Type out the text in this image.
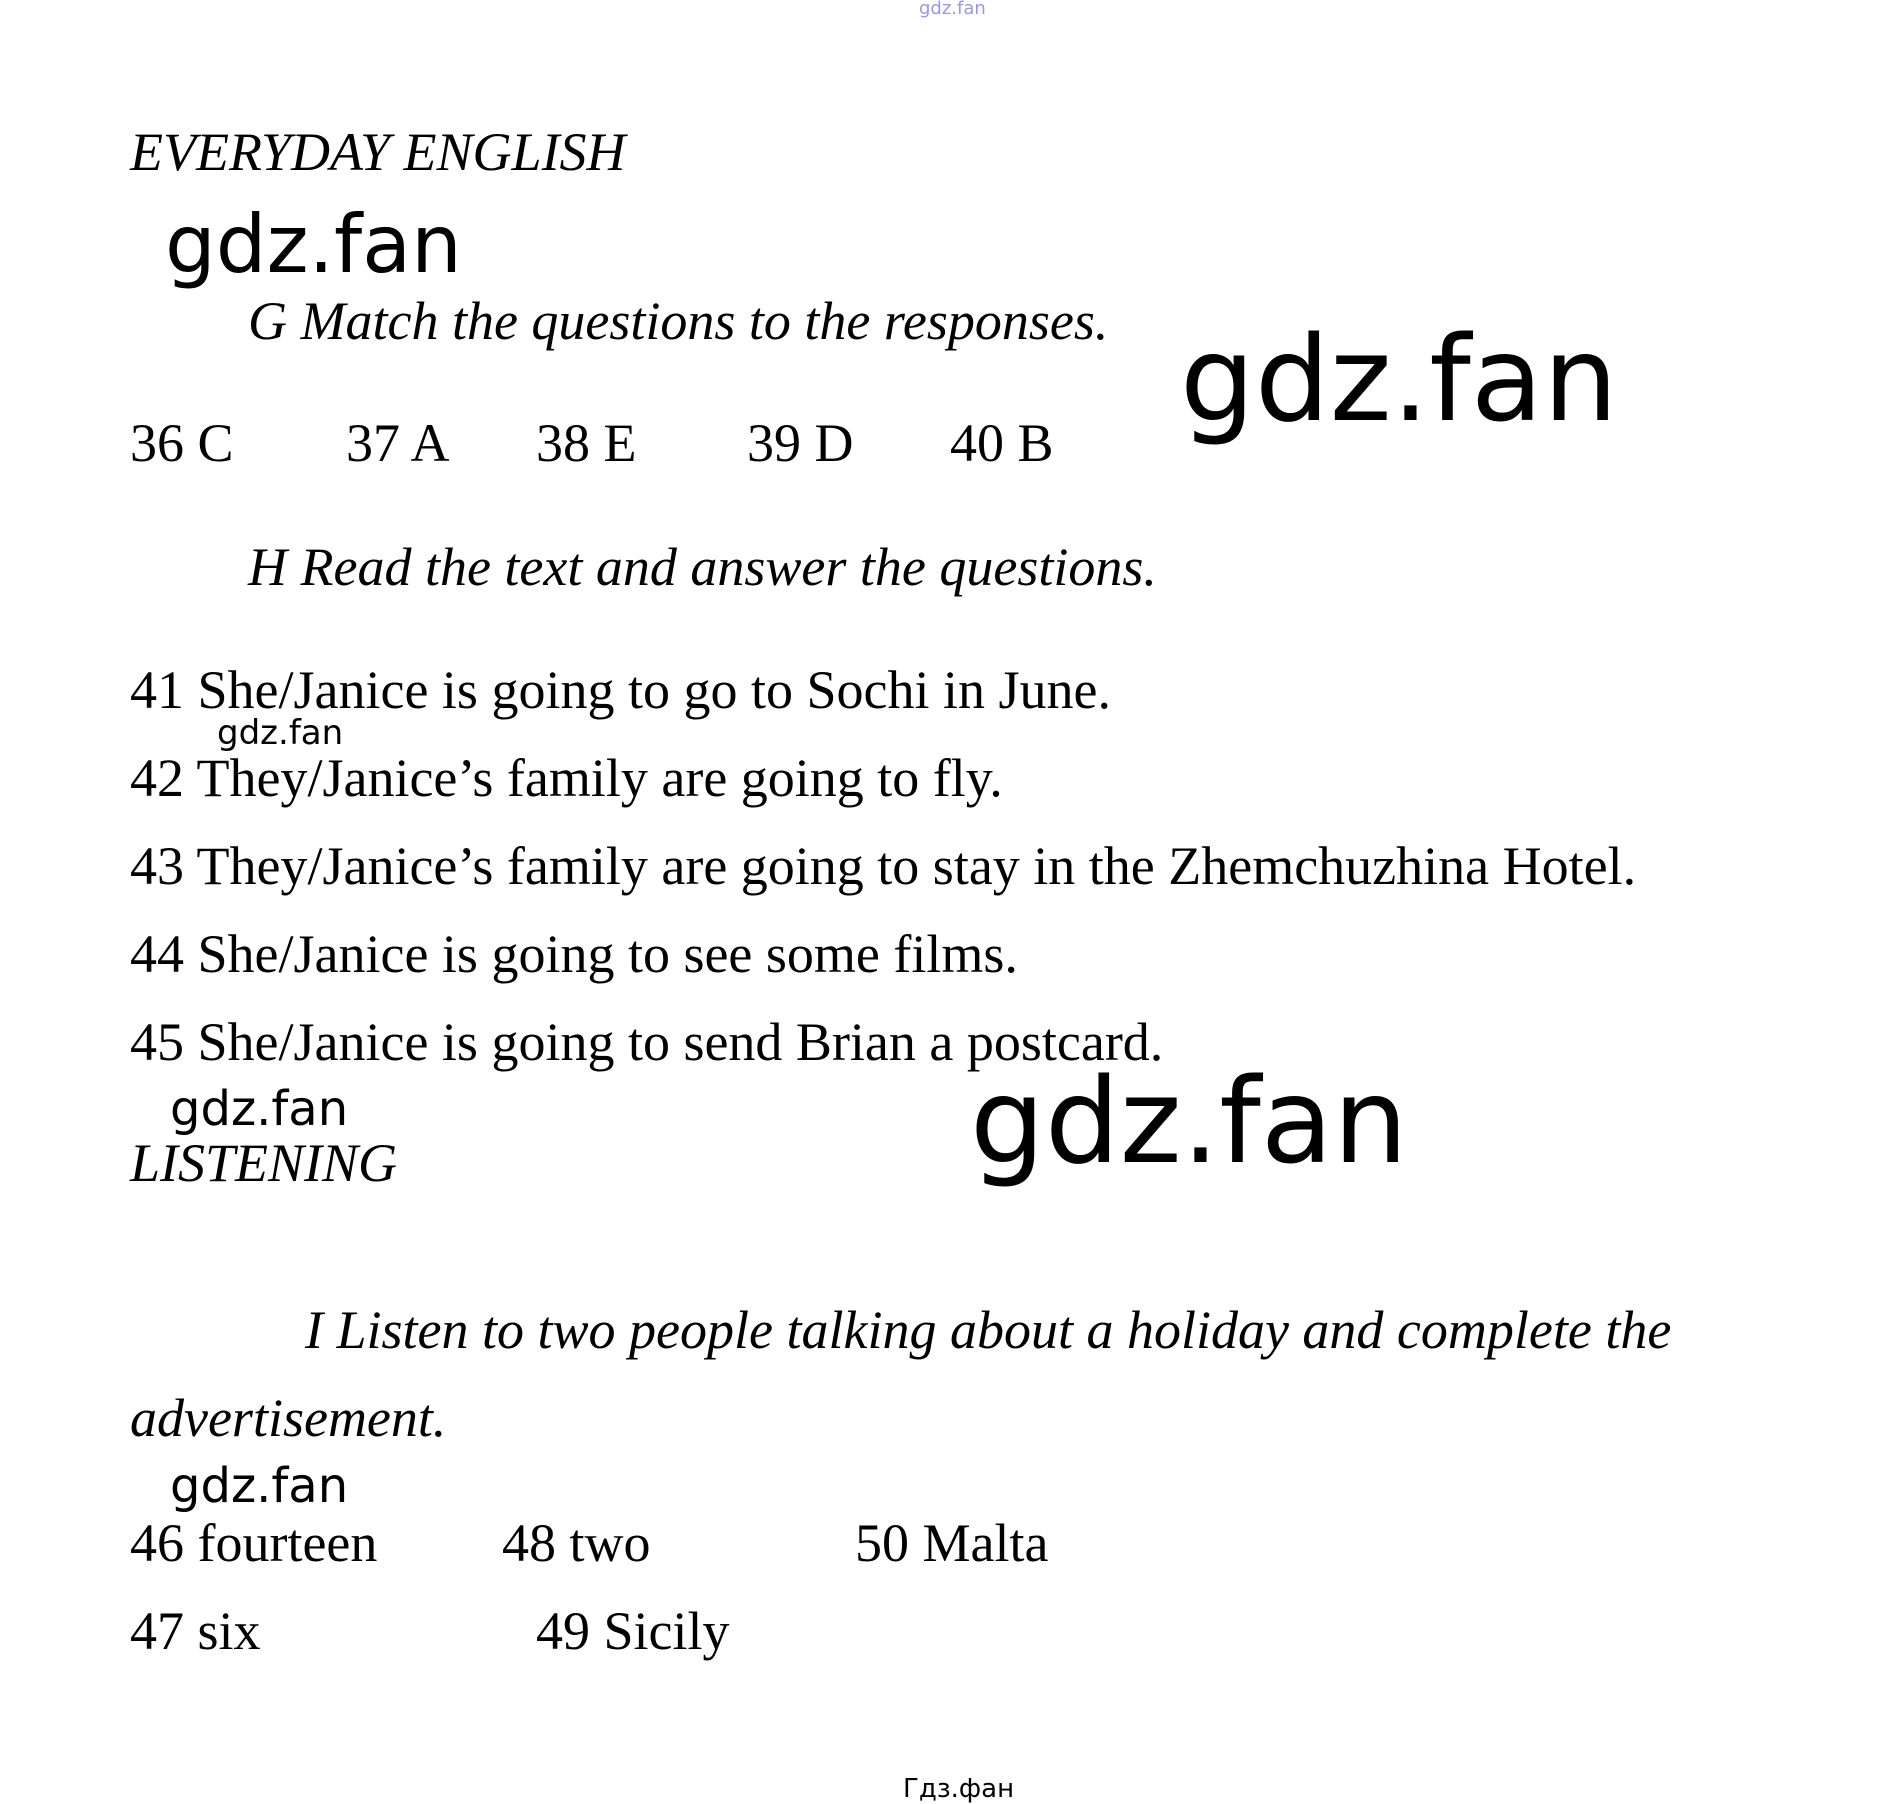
gdz.fan
EVERYDAY ENGLISH
gdz.fan
G Match the questions to the responses. gdz.fan
36 C 37 A 38 E 39 D 40 B
H Read the text and answer the questions.
41 She/Janice is going to go to Sochi in June.
gdz.fan
42 They/Janice’s family are going to fly.
43 They/Janice’s family are going to stay in the Zhemchuzhina Hotel.
44 She/Janice is going to see some films.
45 She/Janice is going to send Brian a postcard.
gdz.fan	gdz.fan
LISTENING
I Listen to two people talking about a holiday and complete the
advertisement.
gdz.fan
46 fourteen 48 two	50 Malta
47 six	49 Sicily
Гдз.фан
